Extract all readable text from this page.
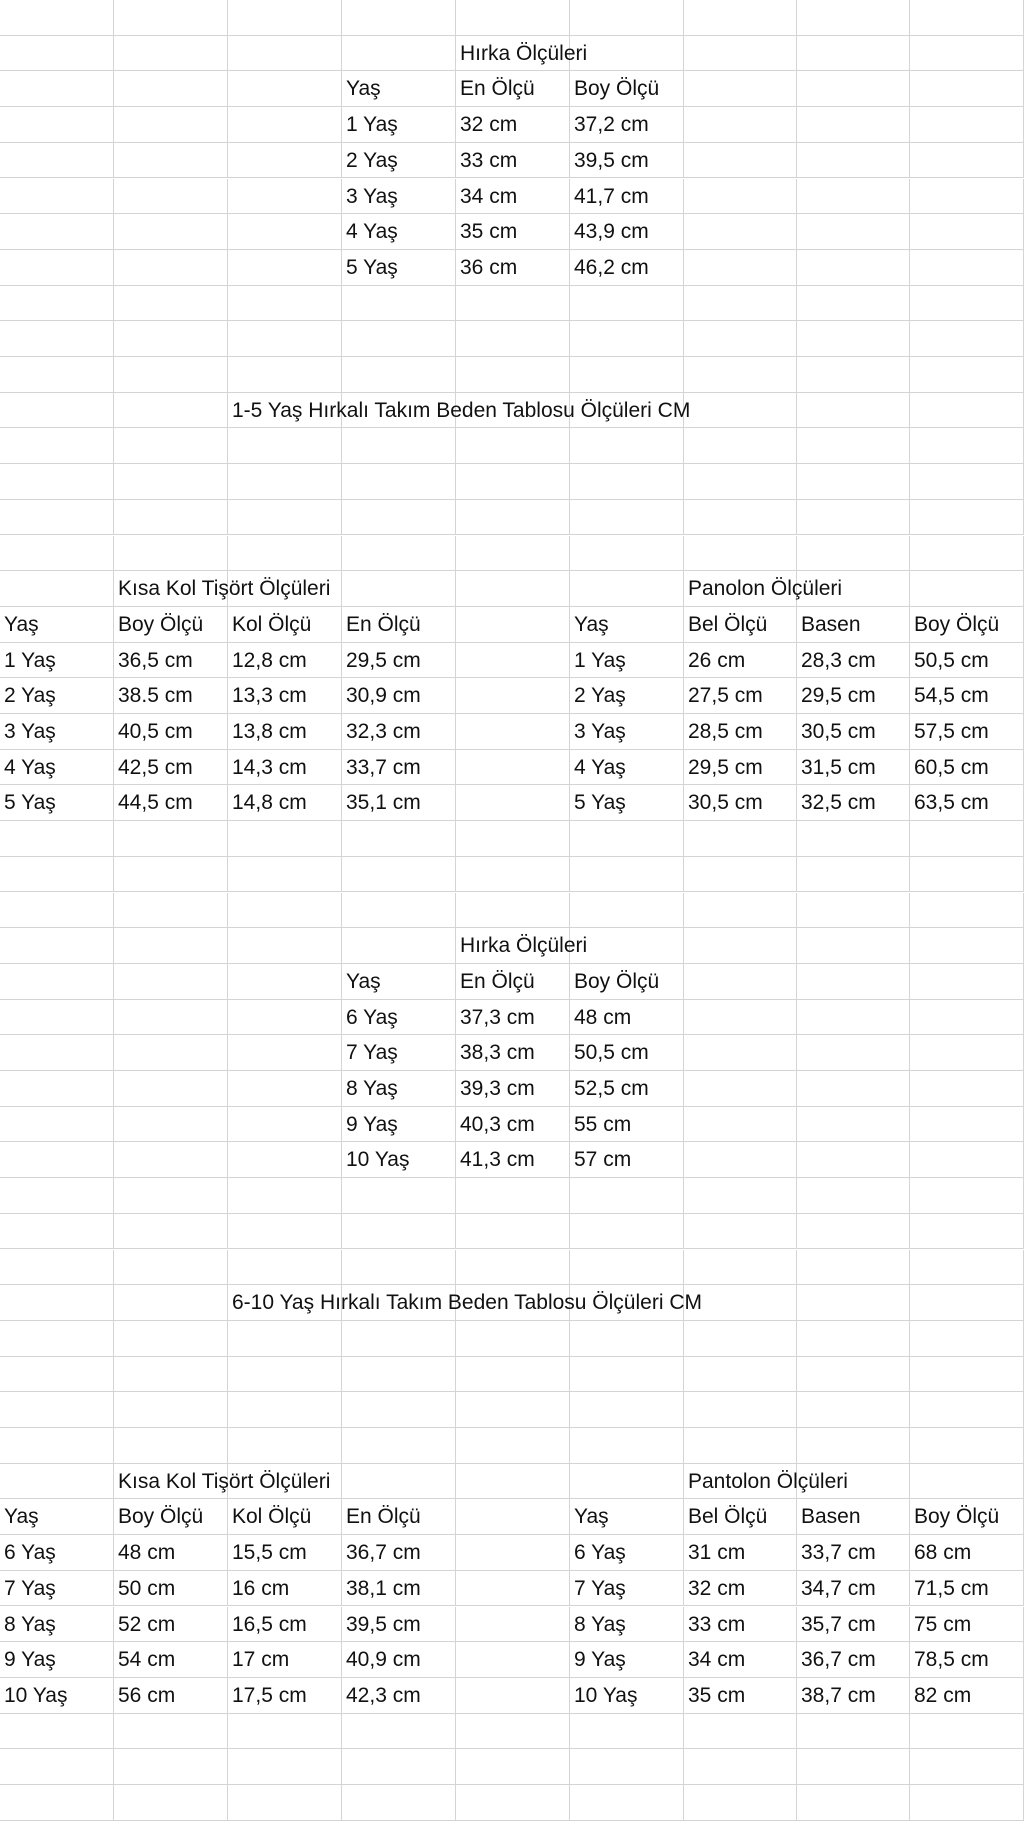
Hırka Ölçüleri
Yaş	En Ölçü	Boy Ölçü
1 Yaş	32 cm	37,2 cm
2 Yaş	33 cm	39,5 cm
3 Yaş	34 cm	41,7 cm
4 Yaş	35 cm	43,9 cm
5 Yaş	36 cm	46,2 cm
1-5 Yaş Hırkalı Takım Beden Tablosu Ölçüleri CM
Kısa Kol Tişört Ölçüleri	Panolon Ölçüleri
Yaş	Boy Ölçü	Kol Ölçü	En Ölçü	Yaş	Bel Ölçü	Basen	Boy Ölçü
1 Yaş	36,5 cm	12,8 cm	29,5 cm	1 Yaş	26 cm	28,3 cm	50,5 cm
2 Yaş	38.5 cm	13,3 cm	30,9 cm	2 Yaş	27,5 cm	29,5 cm	54,5 cm
3 Yaş	40,5 cm	13,8 cm	32,3 cm	3 Yaş	28,5 cm	30,5 cm	57,5 cm
4 Yaş	42,5 cm	14,3 cm	33,7 cm	4 Yaş	29,5 cm	31,5 cm	60,5 cm
5 Yaş	44,5 cm	14,8 cm	35,1 cm	5 Yaş	30,5 cm	32,5 cm	63,5 cm
Hırka Ölçüleri
Yaş	En Ölçü	Boy Ölçü
6 Yaş	37,3 cm	48 cm
7 Yaş	38,3 cm	50,5 cm
8 Yaş	39,3 cm	52,5 cm
9 Yaş	40,3 cm	55 cm
10 Yaş	41,3 cm	57 cm
6-10 Yaş Hırkalı Takım Beden Tablosu Ölçüleri CM
Kısa Kol Tişört Ölçüleri	Pantolon Ölçüleri
Yaş	Boy Ölçü	Kol Ölçü	En Ölçü	Yaş	Bel Ölçü	Basen	Boy Ölçü
6 Yaş	48 cm	15,5 cm	36,7 cm	6 Yaş	31 cm	33,7 cm	68 cm
7 Yaş	50 cm	16 cm	38,1 cm	7 Yaş	32 cm	34,7 cm	71,5 cm
8 Yaş	52 cm	16,5 cm	39,5 cm	8 Yaş	33 cm	35,7 cm	75 cm
9 Yaş	54 cm	17 cm	40,9 cm	9 Yaş	34 cm	36,7 cm	78,5 cm
10 Yaş	56 cm	17,5 cm	42,3 cm	10 Yaş	35 cm	38,7 cm	82 cm
